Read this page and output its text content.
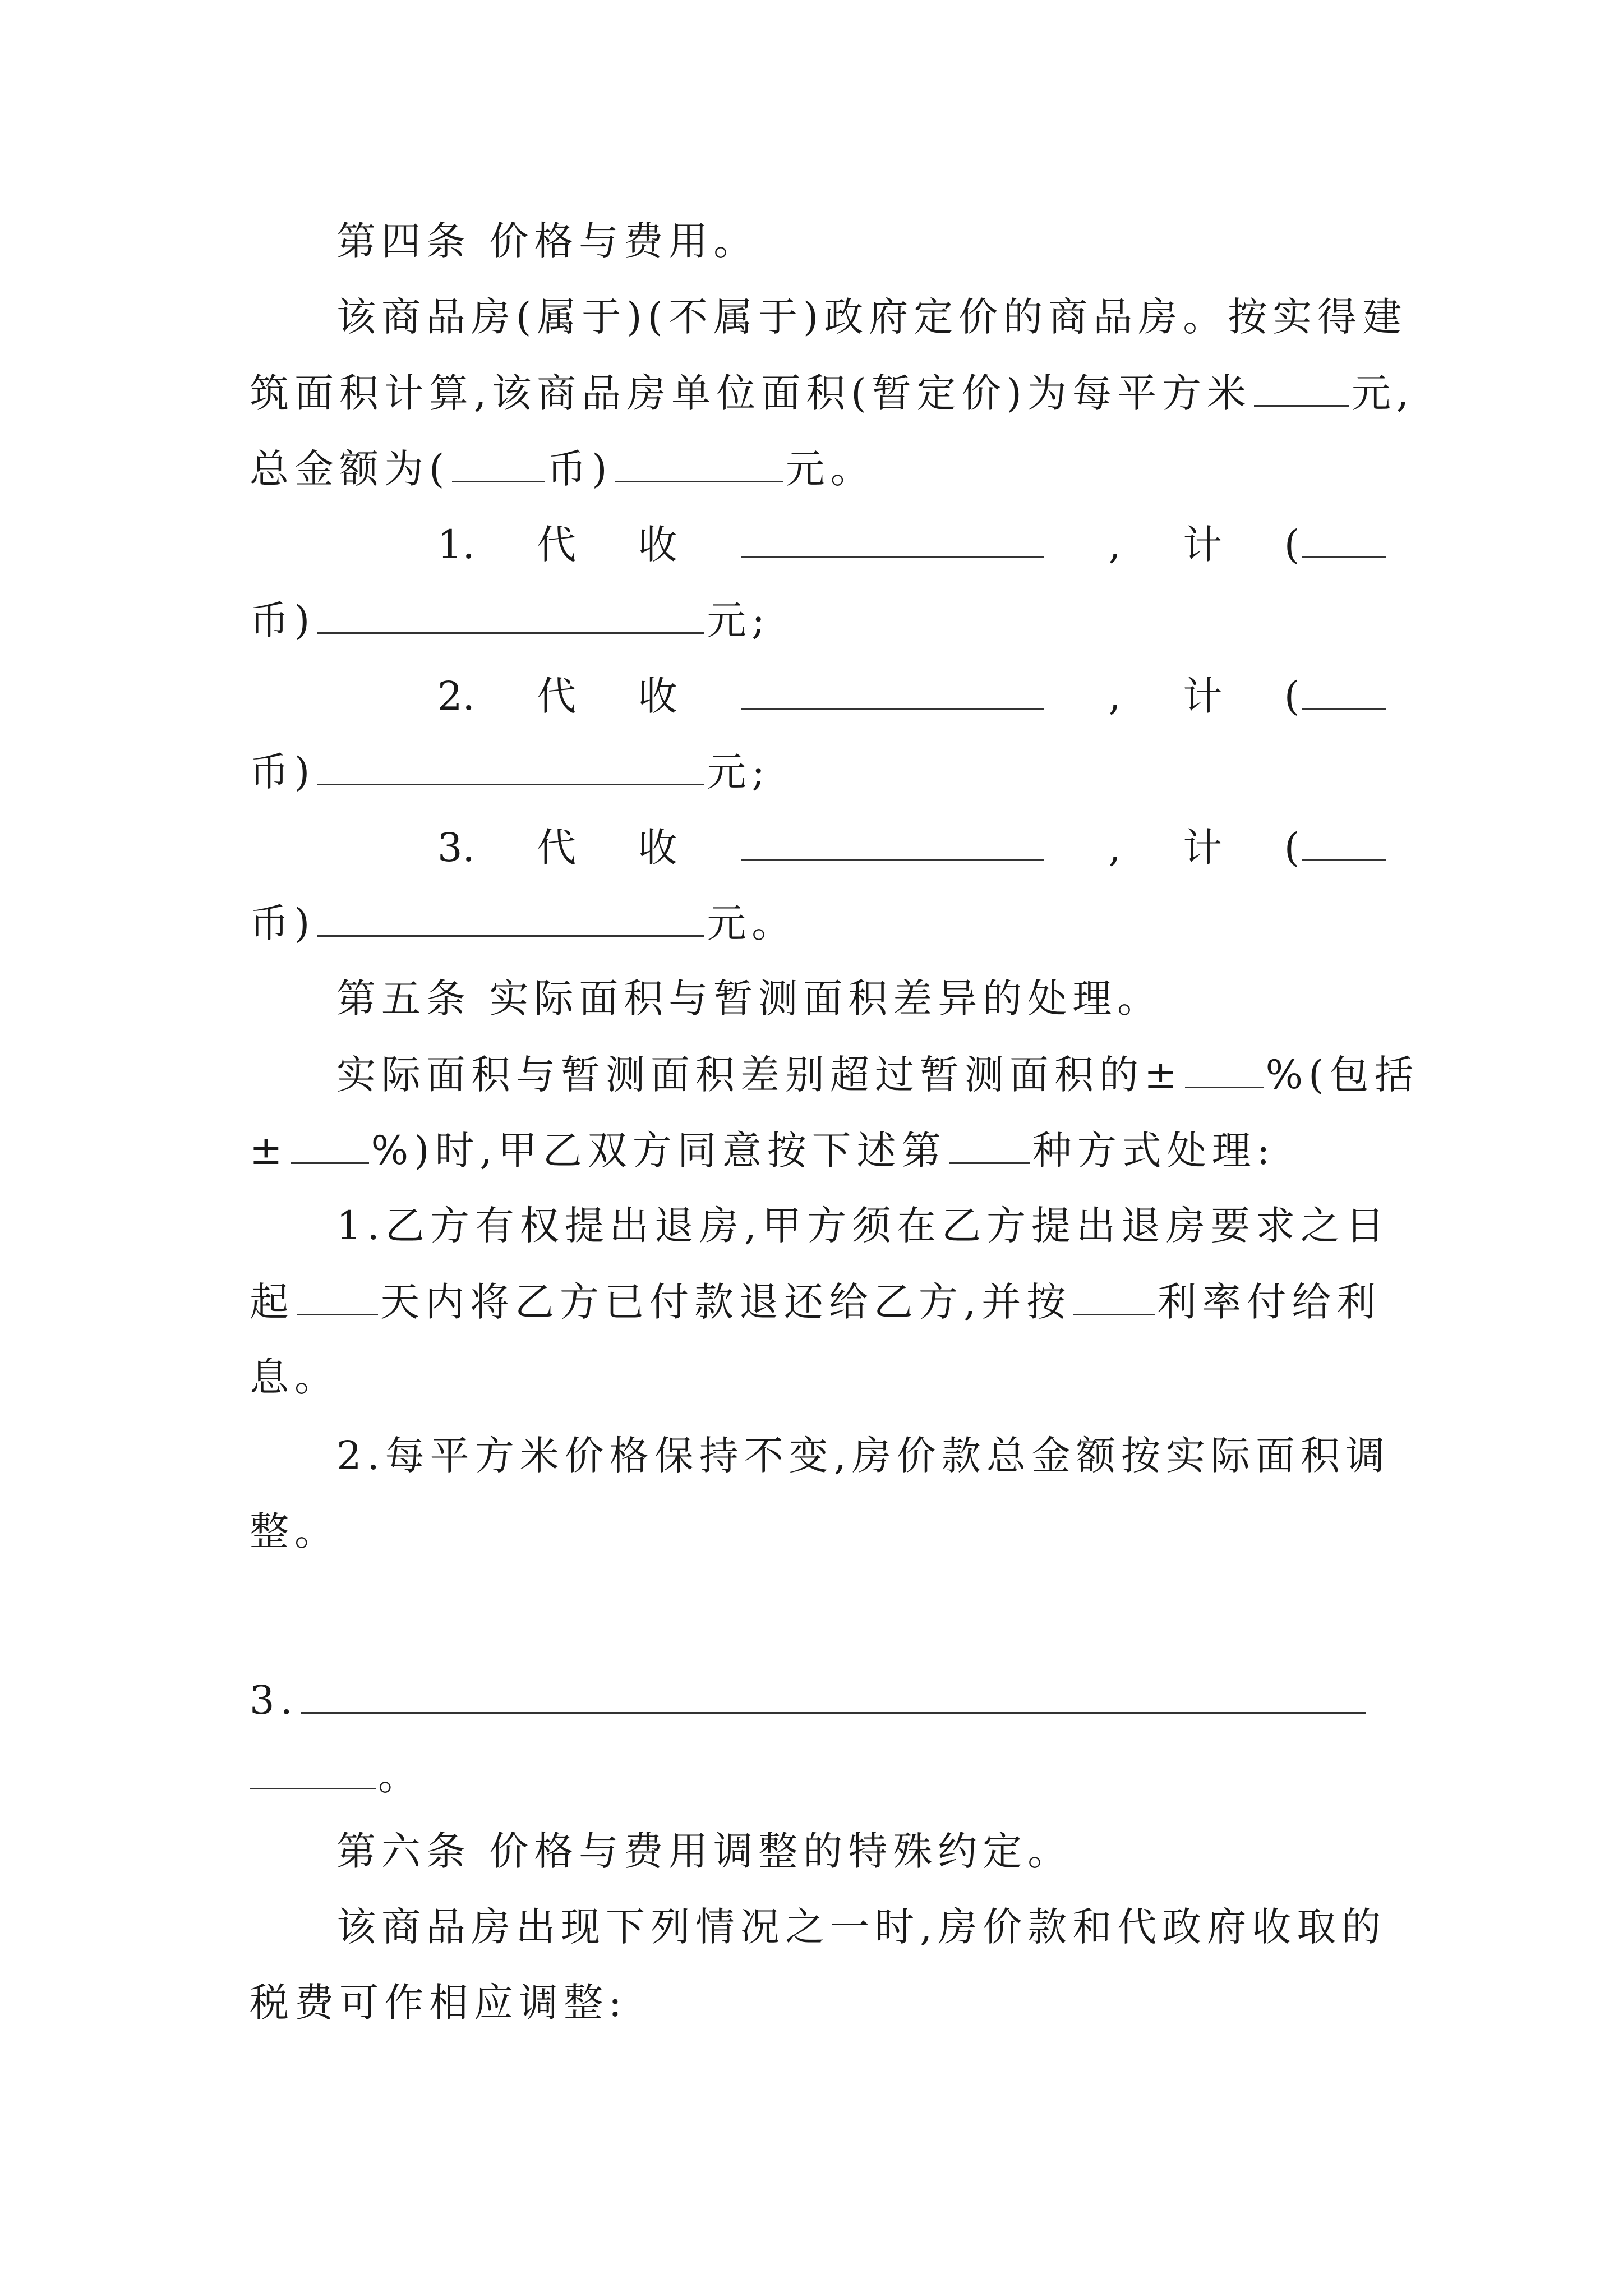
第四条 价格与费用。
该商品房(属于)(不属于)政府定价的商品房。按实得建
筑面积计算,该商品房单位面积(暂定价)为每平方米	元,
总金额为( 币)	元。
1. 代 收	, 计 (
币)	元;
2. 代 收	, 计 (
币)	元;
3. 代 收	, 计 (
币)	元。
第五条 实际面积与暂测面积差异的处理。
实际面积与暂测面积差别超过暂测面积的± %(包括
± %)时,甲乙双方同意按下述第 种方式处理:
1.乙方有权提出退房,甲方须在乙方提出退房要求之日
起 天内将乙方已付款退还给乙方,并按 利率付给利
息。
2.每平方米价格保持不变,房价款总金额按实际面积调
整。
3.
。
第六条 价格与费用调整的特殊约定。
该商品房出现下列情况之一时,房价款和代政府收取的
税费可作相应调整:
